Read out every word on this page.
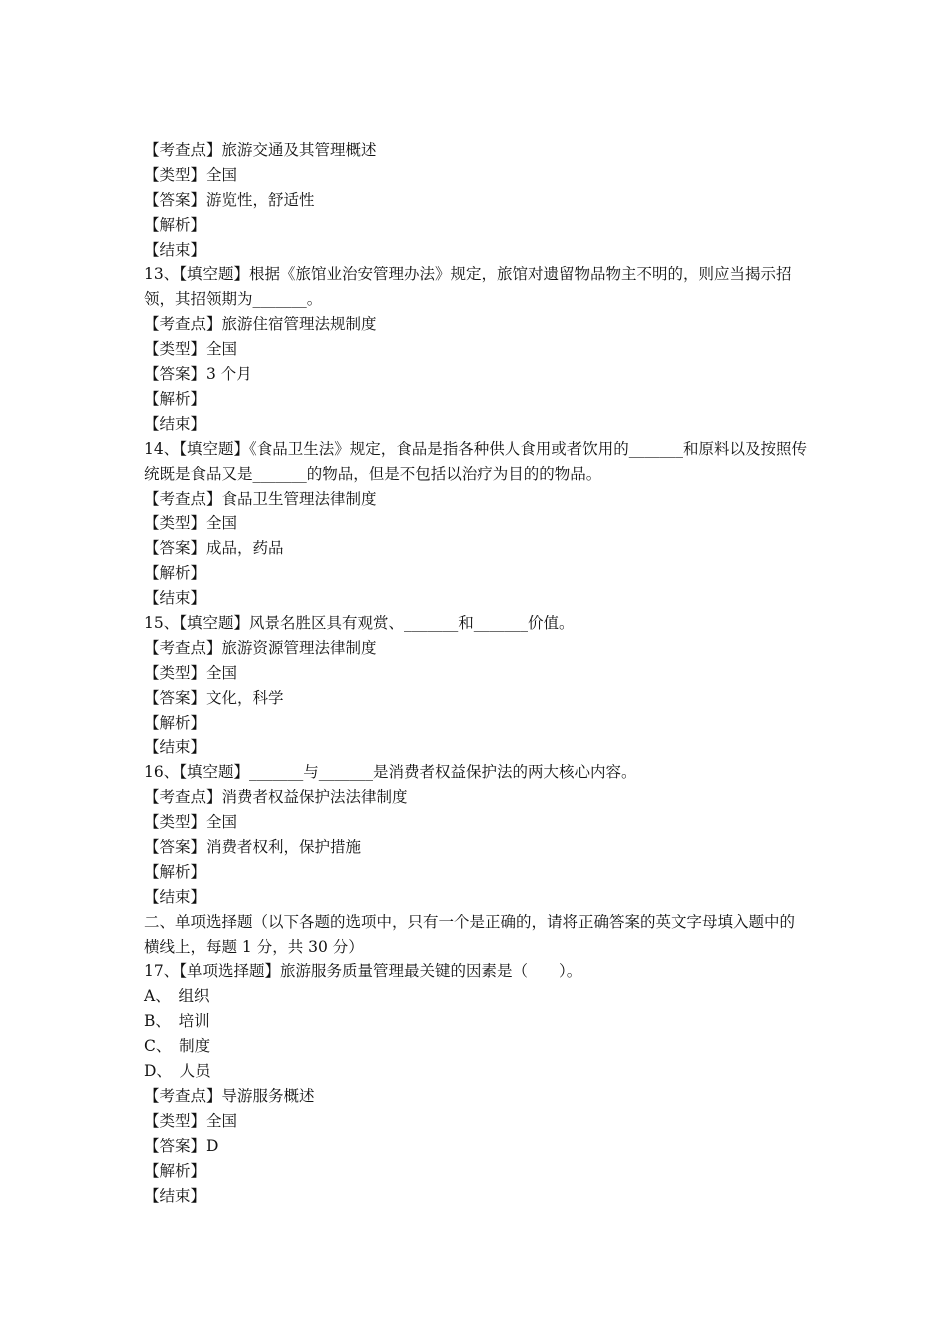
【考查点】旅游交通及其管理概述
【类型】全国
【答案】游览性，舒适性
【解析】
【结束】
13、【填空题】根据《旅馆业治安管理办法》规定，旅馆对遗留物品物主不明的，则应当揭示招领，其招领期为_______。
【考查点】旅游住宿管理法规制度
【类型】全国
【答案】3 个月
【解析】
【结束】
14、【填空题】《食品卫生法》规定，食品是指各种供人食用或者饮用的_______和原料以及按照传统既是食品又是_______的物品，但是不包括以治疗为目的的物品。
【考查点】食品卫生管理法律制度
【类型】全国
【答案】成品，药品
【解析】
【结束】
15、【填空题】风景名胜区具有观赏、_______和_______价值。
【考查点】旅游资源管理法律制度
【类型】全国
【答案】文化，科学
【解析】
【结束】
16、【填空题】_______与_______是消费者权益保护法的两大核心内容。
【考查点】消费者权益保护法法律制度
【类型】全国
【答案】消费者权利，保护措施
【解析】
【结束】
二、单项选择题（以下各题的选项中，只有一个是正确的，请将正确答案的英文字母填入题中的横线上，每题 1 分，共 30 分）
17、【单项选择题】旅游服务质量管理最关键的因素是（　　）。
A、　组织
B、　培训
C、　制度
D、　人员
【考查点】导游服务概述
【类型】全国
【答案】D
【解析】
【结束】
